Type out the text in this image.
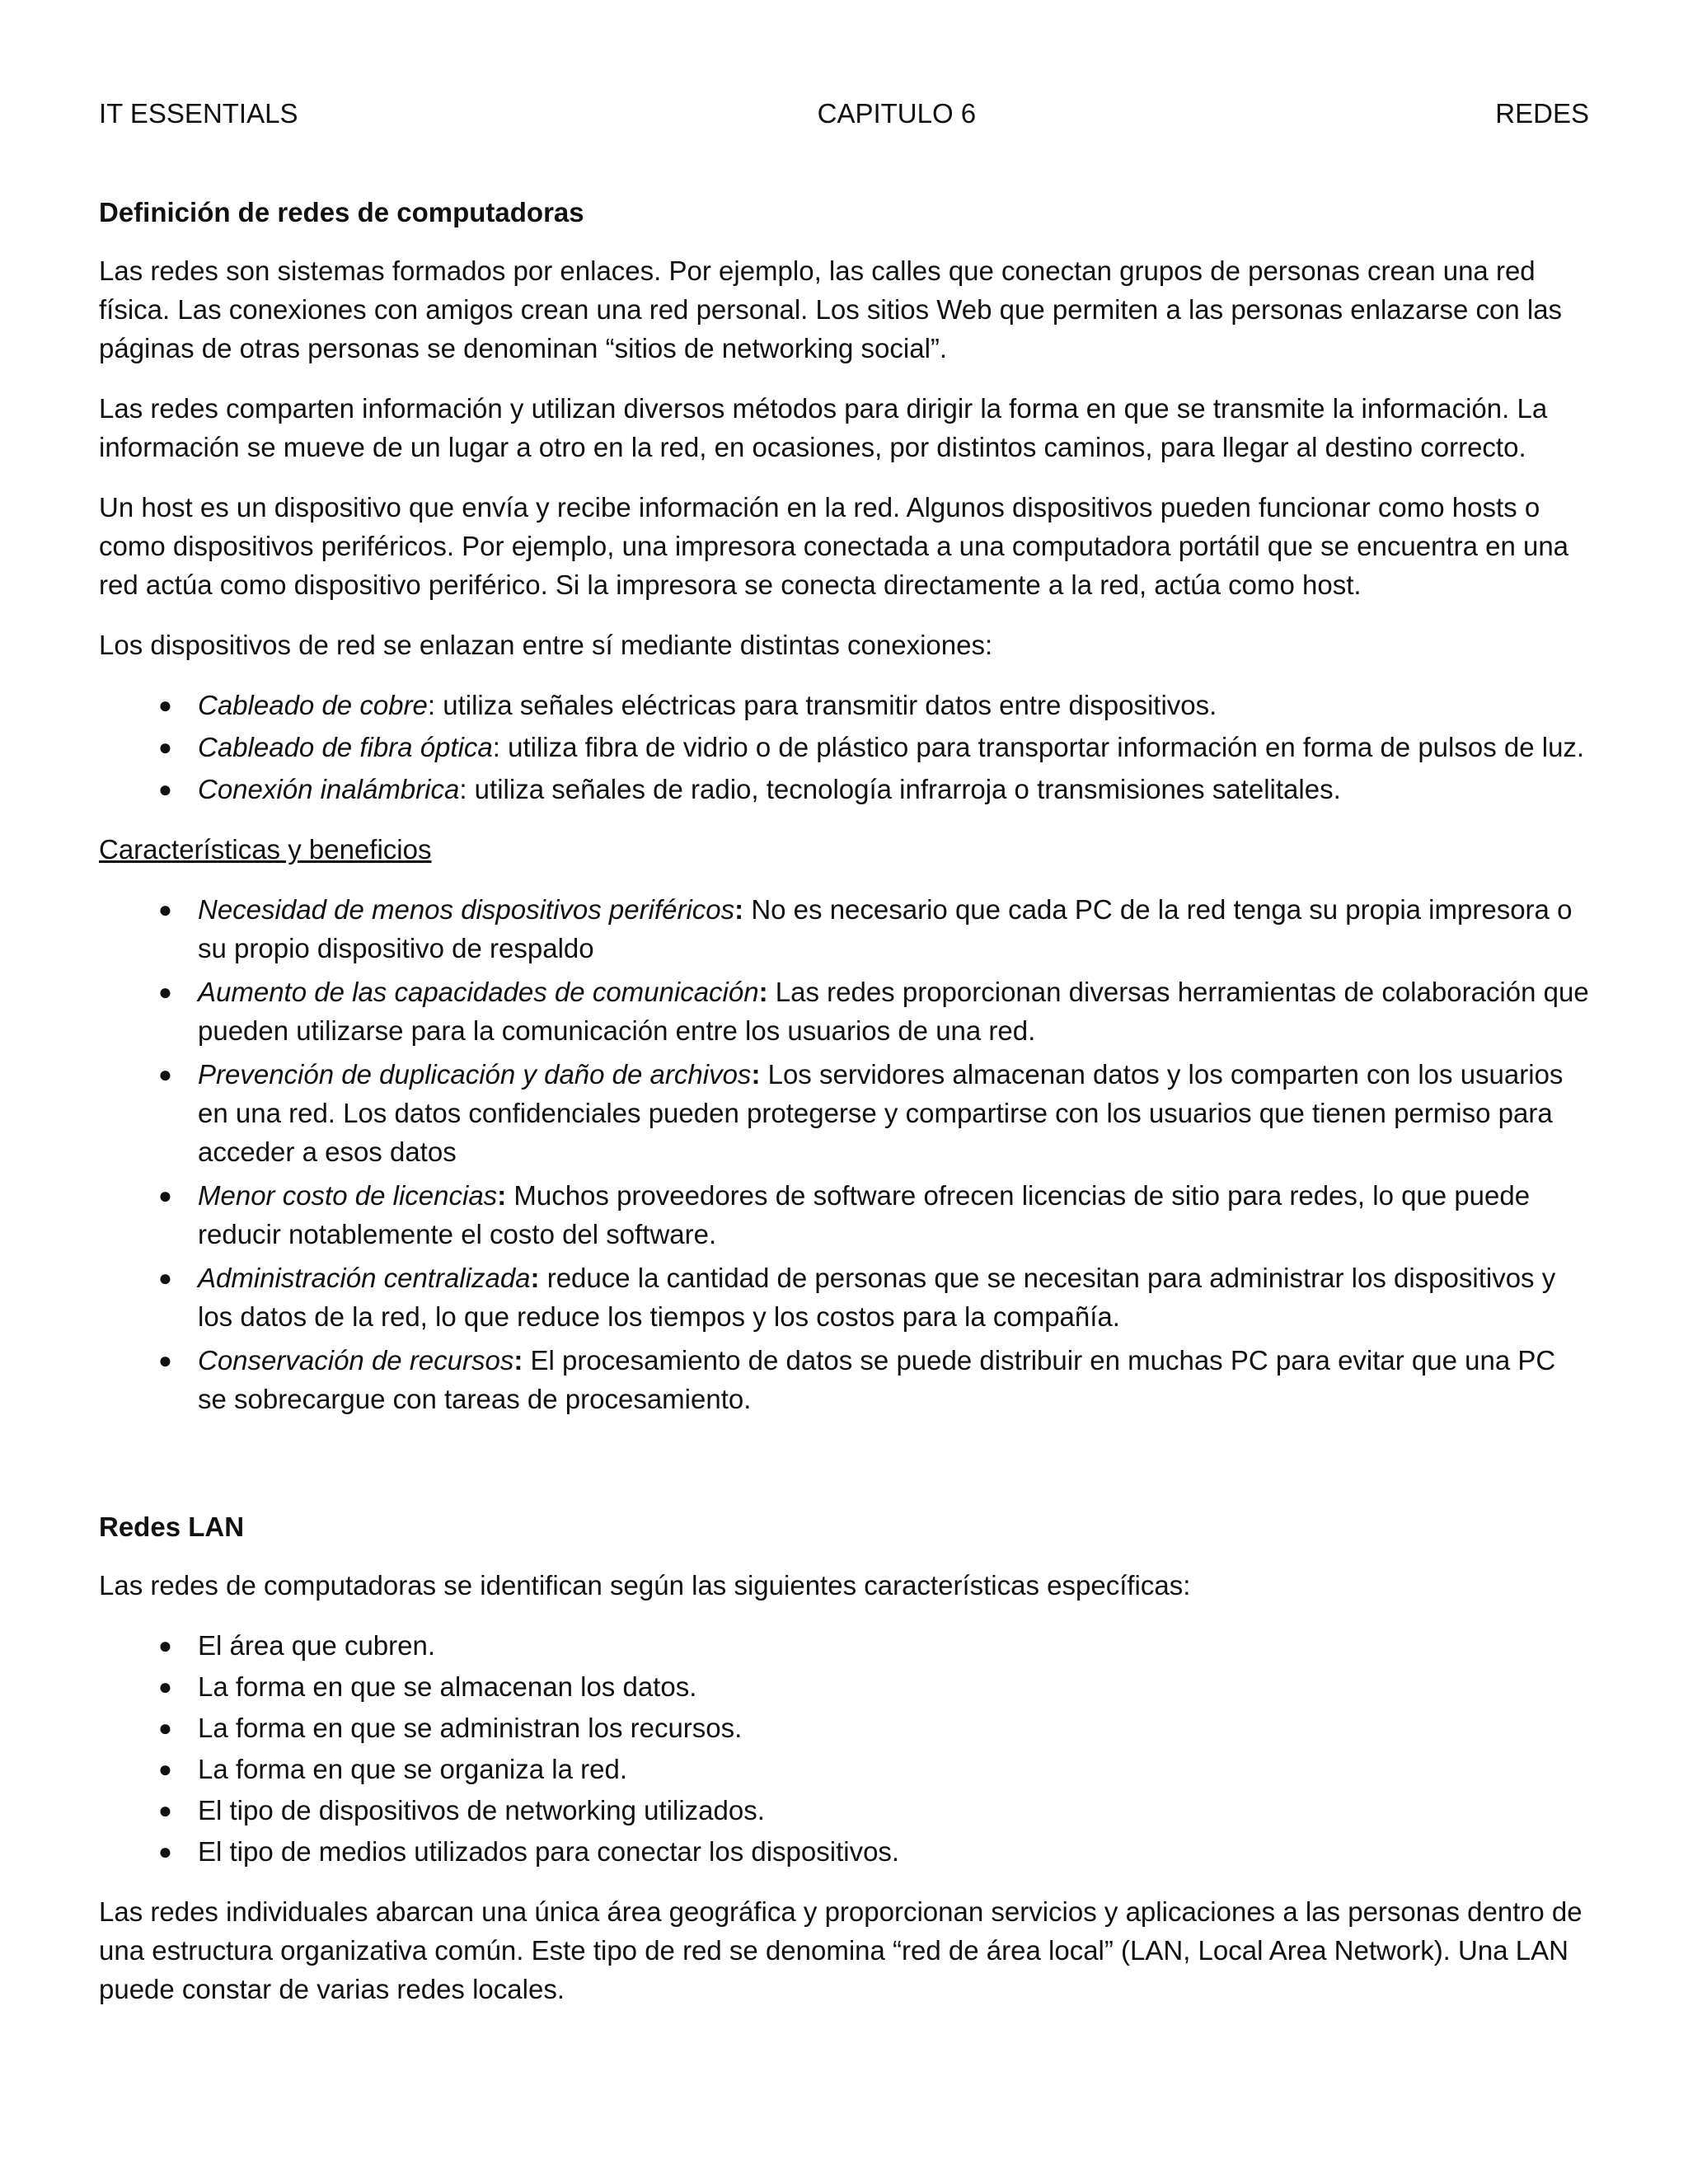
IT ESSENTIALS	CAPITULO 6	REDES
Definición de redes de computadoras

Las redes son sistemas formados por enlaces. Por ejemplo, las calles que conectan grupos de personas crean una red física. Las conexiones con amigos crean una red personal. Los sitios Web que permiten a las personas enlazarse con las páginas de otras personas se denominan “sitios de networking social”.

Las redes comparten información y utilizan diversos métodos para dirigir la forma en que se transmite la información. La información se mueve de un lugar a otro en la red, en ocasiones, por distintos caminos, para llegar al destino correcto.

Un host es un dispositivo que envía y recibe información en la red. Algunos dispositivos pueden funcionar como hosts o como dispositivos periféricos. Por ejemplo, una impresora conectada a una computadora portátil que se encuentra en una red actúa como dispositivo periférico. Si la impresora se conecta directamente a la red, actúa como host.

Los dispositivos de red se enlazan entre sí mediante distintas conexiones:

● Cableado de cobre: utiliza señales eléctricas para transmitir datos entre dispositivos.
● Cableado de fibra óptica: utiliza fibra de vidrio o de plástico para transportar información en forma de pulsos de luz.
● Conexión inalámbrica: utiliza señales de radio, tecnología infrarroja o transmisiones satelitales.
Características y beneficios
● Necesidad de menos dispositivos periféricos: No es necesario que cada PC de la red tenga su propia impresora o su propio dispositivo de respaldo
● Aumento de las capacidades de comunicación: Las redes proporcionan diversas herramientas de colaboración que pueden utilizarse para la comunicación entre los usuarios de una red.
● Prevención de duplicación y daño de archivos: Los servidores almacenan datos y los comparten con los usuarios en una red. Los datos confidenciales pueden protegerse y compartirse con los usuarios que tienen permiso para acceder a esos datos
● Menor costo de licencias: Muchos proveedores de software ofrecen licencias de sitio para redes, lo que puede reducir notablemente el costo del software.
● Administración centralizada: reduce la cantidad de personas que se necesitan para administrar los dispositivos y los datos de la red, lo que reduce los tiempos y los costos para la compañía.
● Conservación de recursos: El procesamiento de datos se puede distribuir en muchas PC para evitar que una PC se sobrecargue con tareas de procesamiento.
Redes LAN

Las redes de computadoras se identifican según las siguientes características específicas:

● El área que cubren.
● La forma en que se almacenan los datos.
● La forma en que se administran los recursos.
● La forma en que se organiza la red.
● El tipo de dispositivos de networking utilizados.
● El tipo de medios utilizados para conectar los dispositivos.

Las redes individuales abarcan una única área geográfica y proporcionan servicios y aplicaciones a las personas dentro de una estructura organizativa común. Este tipo de red se denomina “red de área local” (LAN, Local Area Network). Una LAN puede constar de varias redes locales.
